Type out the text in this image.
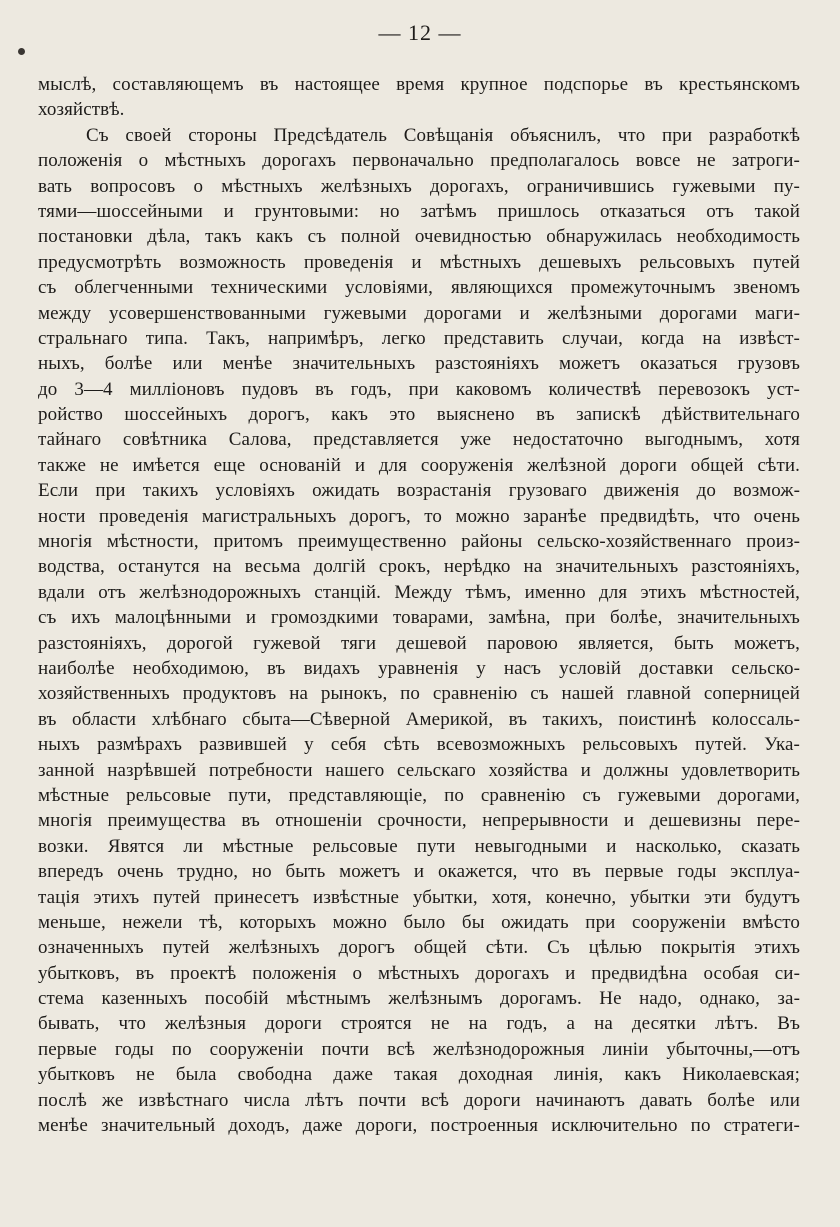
— 12 —
мыслѣ, составляющемъ въ настоящее время крупное подспорье въ крестьянскомъ
хозяйствѣ.
Съ своей стороны Предсѣдатель Совѣщанія объяснилъ, что при разработкѣ
положенія о мѣстныхъ дорогахъ первоначально предполагалось вовсе не затроги-
вать вопросовъ о мѣстныхъ желѣзныхъ дорогахъ, ограничившись гужевыми пу-
тями—шоссейными и грунтовыми: но затѣмъ пришлось отказаться отъ такой
постановки дѣла, такъ какъ съ полной очевидностью обнаружилась необходимость
предусмотрѣть возможность проведенія и мѣстныхъ дешевыхъ рельсовыхъ путей
съ облегченными техническими условіями, являющихся промежуточнымъ звеномъ
между усовершенствованными гужевыми дорогами и желѣзными дорогами маги-
стральнаго типа. Такъ, напримѣръ, легко представить случаи, когда на извѣст-
ныхъ, болѣе или менѣе значительныхъ разстояніяхъ можетъ оказаться грузовъ
до 3—4 милліоновъ пудовъ въ годъ, при каковомъ количествѣ перевозокъ уст-
ройство шоссейныхъ дорогъ, какъ это выяснено въ запискѣ дѣйствительнаго
тайнаго совѣтника Салова, представляется уже недостаточно выгоднымъ, хотя
также не имѣется еще основаній и для сооруженія желѣзной дороги общей сѣти.
Если при такихъ условіяхъ ожидать возрастанія грузоваго движенія до возмож-
ности проведенія магистральныхъ дорогъ, то можно заранѣе предвидѣть, что очень
многія мѣстности, притомъ преимущественно районы сельско-хозяйственнаго произ-
водства, останутся на весьма долгій срокъ, нерѣдко на значительныхъ разстояніяхъ,
вдали отъ желѣзнодорожныхъ станцій. Между тѣмъ, именно для этихъ мѣстностей,
съ ихъ малоцѣнными и громоздкими товарами, замѣна, при болѣе, значительныхъ
разстояніяхъ, дорогой гужевой тяги дешевой паровою является, быть можетъ,
наиболѣе необходимою, въ видахъ уравненія у насъ условій доставки сельско-
хозяйственныхъ продуктовъ на рынокъ, по сравненію съ нашей главной соперницей
въ области хлѣбнаго сбыта—Сѣверной Америкой, въ такихъ, поистинѣ колоссаль-
ныхъ размѣрахъ развившей у себя сѣть всевозможныхъ рельсовыхъ путей. Ука-
занной назрѣвшей потребности нашего сельскаго хозяйства и должны удовлетворить
мѣстные рельсовые пути, представляющіе, по сравненію съ гужевыми дорогами,
многія преимущества въ отношеніи срочности, непрерывности и дешевизны пере-
возки. Явятся ли мѣстные рельсовые пути невыгодными и насколько, сказать
впередъ очень трудно, но быть можетъ и окажется, что въ первые годы эксплуа-
тація этихъ путей принесетъ извѣстные убытки, хотя, конечно, убытки эти будутъ
меньше, нежели тѣ, которыхъ можно было бы ожидать при сооруженіи вмѣсто
означенныхъ путей желѣзныхъ дорогъ общей сѣти. Съ цѣлью покрытія этихъ
убытковъ, въ проектѣ положенія о мѣстныхъ дорогахъ и предвидѣна особая си-
стема казенныхъ пособій мѣстнымъ желѣзнымъ дорогамъ. Не надо, однако, за-
бывать, что желѣзныя дороги строятся не на годъ, а на десятки лѣтъ. Въ
первые годы по сооруженіи почти всѣ желѣзнодорожныя линіи убыточны,—отъ
убытковъ не была свободна даже такая доходная линія, какъ Николаевская;
послѣ же извѣстнаго числа лѣтъ почти всѣ дороги начинаютъ давать болѣе или
менѣе значительный доходъ, даже дороги, построенныя исключительно по стратеги-
